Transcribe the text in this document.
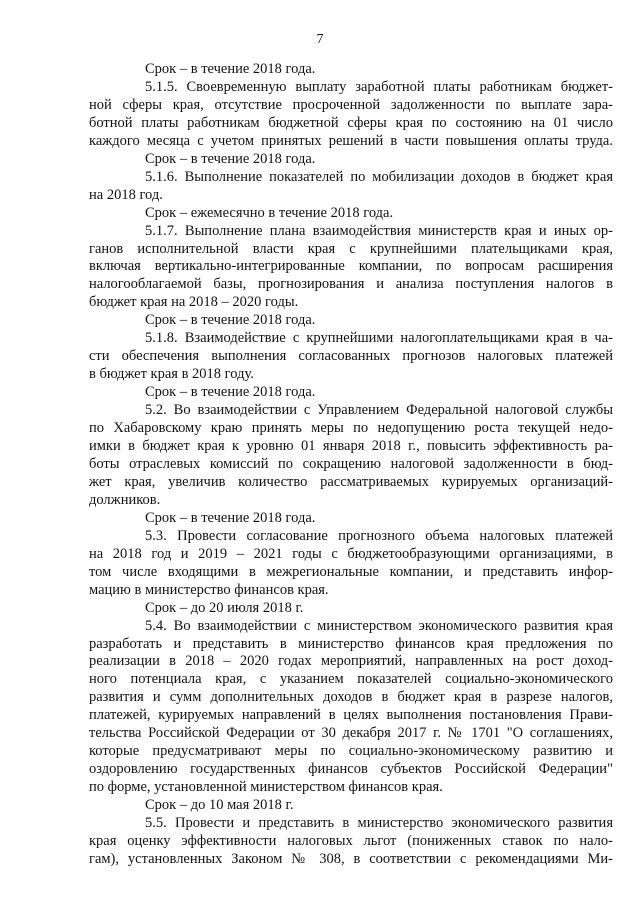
7

Срок – в течение 2018 года.

5.1.5. Своевременную выплату заработной платы работникам бюджет-

ной сферы края, отсутствие просроченной задолженности по выплате зара-

ботной платы работникам бюджетной сферы края по состоянию на 01 число

каждого месяца с учетом принятых решений в части повышения оплаты труда.

Срок – в течение 2018 года.

5.1.6. Выполнение показателей по мобилизации доходов в бюджет края

на 2018 год.

Срок – ежемесячно в течение 2018 года.

5.1.7. Выполнение плана взаимодействия министерств края и иных ор-

ганов исполнительной власти края с крупнейшими плательщиками края,

включая вертикально-интегрированные компании, по вопросам расширения

налогооблагаемой базы, прогнозирования и анализа поступления налогов в

бюджет края на 2018 – 2020 годы.

Срок – в течение 2018 года.

5.1.8. Взаимодействие с крупнейшими налогоплательщиками края в ча-

сти обеспечения выполнения согласованных прогнозов налоговых платежей

в бюджет края в 2018 году.

Срок – в течение 2018 года.

5.2. Во взаимодействии с Управлением Федеральной налоговой службы

по Хабаровскому краю принять меры по недопущению роста текущей недо-

имки в бюджет края к уровню 01 января 2018 г., повысить эффективность ра-

боты отраслевых комиссий по сокращению налоговой задолженности в бюд-

жет края, увеличив количество рассматриваемых курируемых организаций-

должников.

Срок – в течение 2018 года.

5.3. Провести согласование прогнозного объема налоговых платежей

на 2018 год и 2019 – 2021 годы с бюджетообразующими организациями, в

том числе входящими в межрегиональные компании, и представить инфор-

мацию в министерство финансов края.

Срок – до 20 июля 2018 г.

5.4. Во взаимодействии с министерством экономического развития края

разработать и представить в министерство финансов края предложения по

реализации в 2018 – 2020 годах мероприятий, направленных на рост доход-

ного потенциала края, с указанием показателей социально-экономического

развития и сумм дополнительных доходов в бюджет края в разрезе налогов,

платежей, курируемых направлений в целях выполнения постановления Прави-

тельства Российской Федерации от 30 декабря 2017 г. № 1701 "О соглашениях,

которые предусматривают меры по социально-экономическому развитию и

оздоровлению государственных финансов субъектов Российской Федерации"

по форме, установленной министерством финансов края.

Срок – до 10 мая 2018 г.

5.5. Провести и представить в министерство экономического развития

края оценку эффективности налоговых льгот (пониженных ставок по нало-

гам), установленных Законом № 308, в соответствии с рекомендациями Ми-
